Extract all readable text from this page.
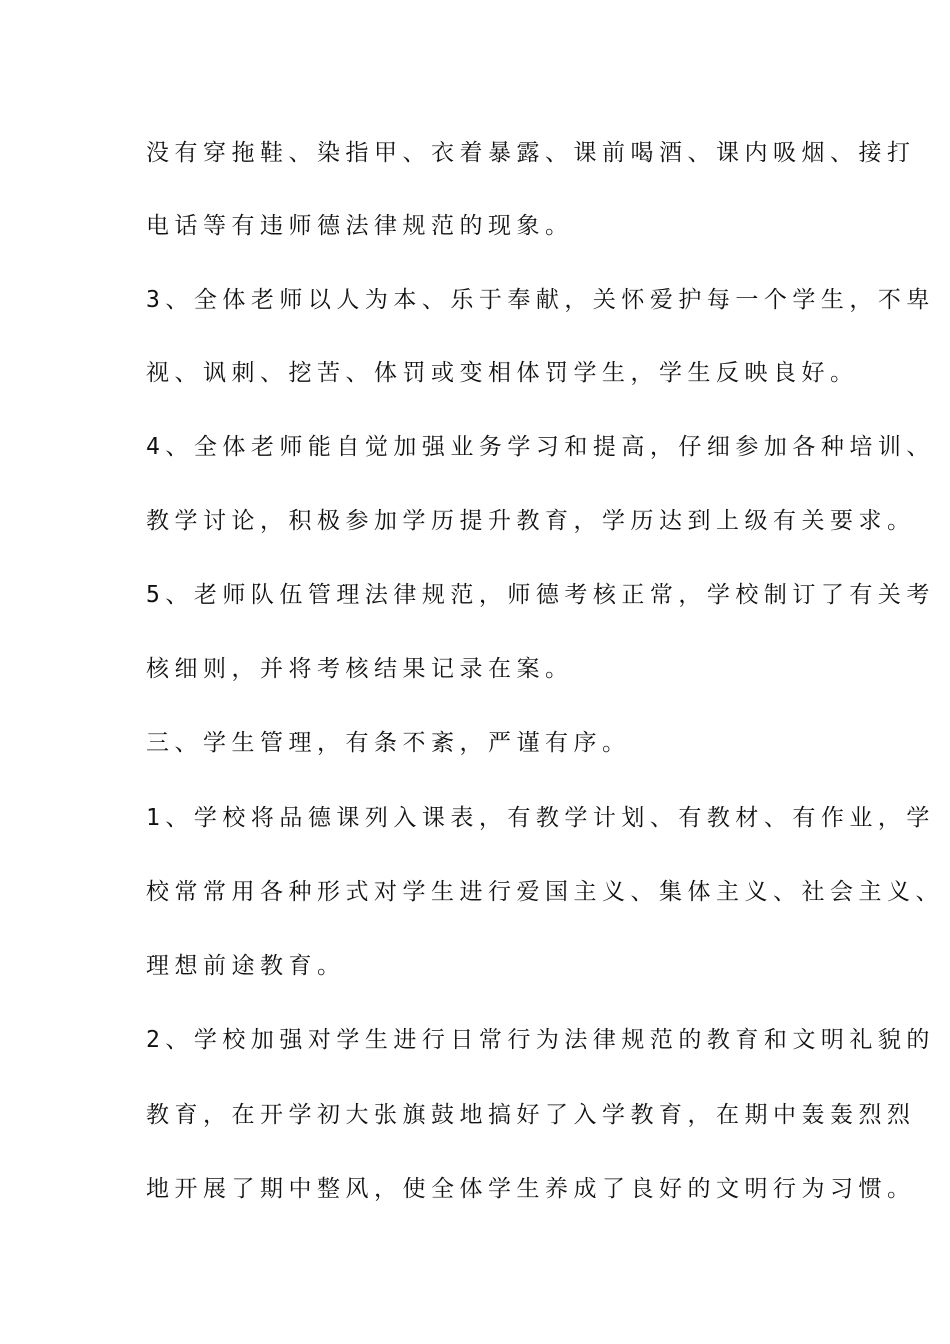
没有穿拖鞋、染指甲、衣着暴露、课前喝酒、课内吸烟、接打

电话等有违师德法律规范的现象。

3、全体老师以人为本、乐于奉献，关怀爱护每一个学生，不卑

视、讽刺、挖苦、体罚或变相体罚学生，学生反映良好。

4、全体老师能自觉加强业务学习和提高，仔细参加各种培训、

教学讨论，积极参加学历提升教育，学历达到上级有关要求。

5、老师队伍管理法律规范，师德考核正常，学校制订了有关考

核细则，并将考核结果记录在案。

三、学生管理，有条不紊，严谨有序。

1、学校将品德课列入课表，有教学计划、有教材、有作业，学

校常常用各种形式对学生进行爱国主义、集体主义、社会主义、

理想前途教育。

2、学校加强对学生进行日常行为法律规范的教育和文明礼貌的

教育，在开学初大张旗鼓地搞好了入学教育，在期中轰轰烈烈

地开展了期中整风，使全体学生养成了良好的文明行为习惯。
